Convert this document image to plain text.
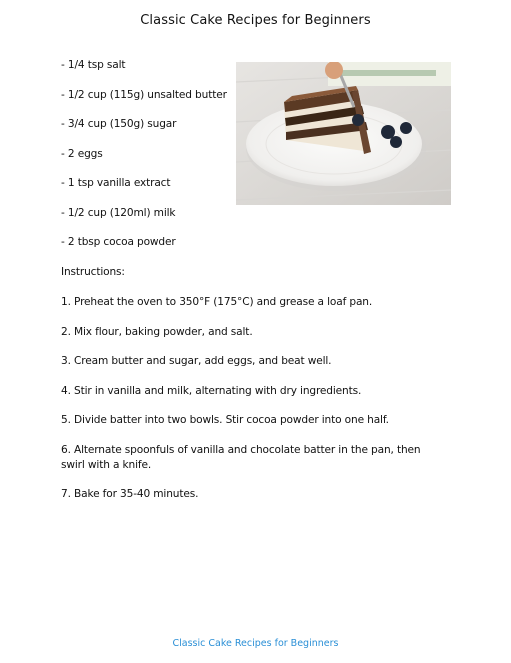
Classic Cake Recipes for Beginners
- 1/4 tsp salt
- 1/2 cup (115g) unsalted butter
- 3/4 cup (150g) sugar
- 2 eggs
- 1 tsp vanilla extract
- 1/2 cup (120ml) milk
- 2 tbsp cocoa powder
Instructions:
1. Preheat the oven to 350°F (175°C) and grease a loaf pan.
2. Mix flour, baking powder, and salt.
3. Cream butter and sugar, add eggs, and beat well.
4. Stir in vanilla and milk, alternating with dry ingredients.
5. Divide batter into two bowls. Stir cocoa powder into one half.
6. Alternate spoonfuls of vanilla and chocolate batter in the pan, then swirl with a knife.
7. Bake for 35-40 minutes.
Classic Cake Recipes for Beginners
